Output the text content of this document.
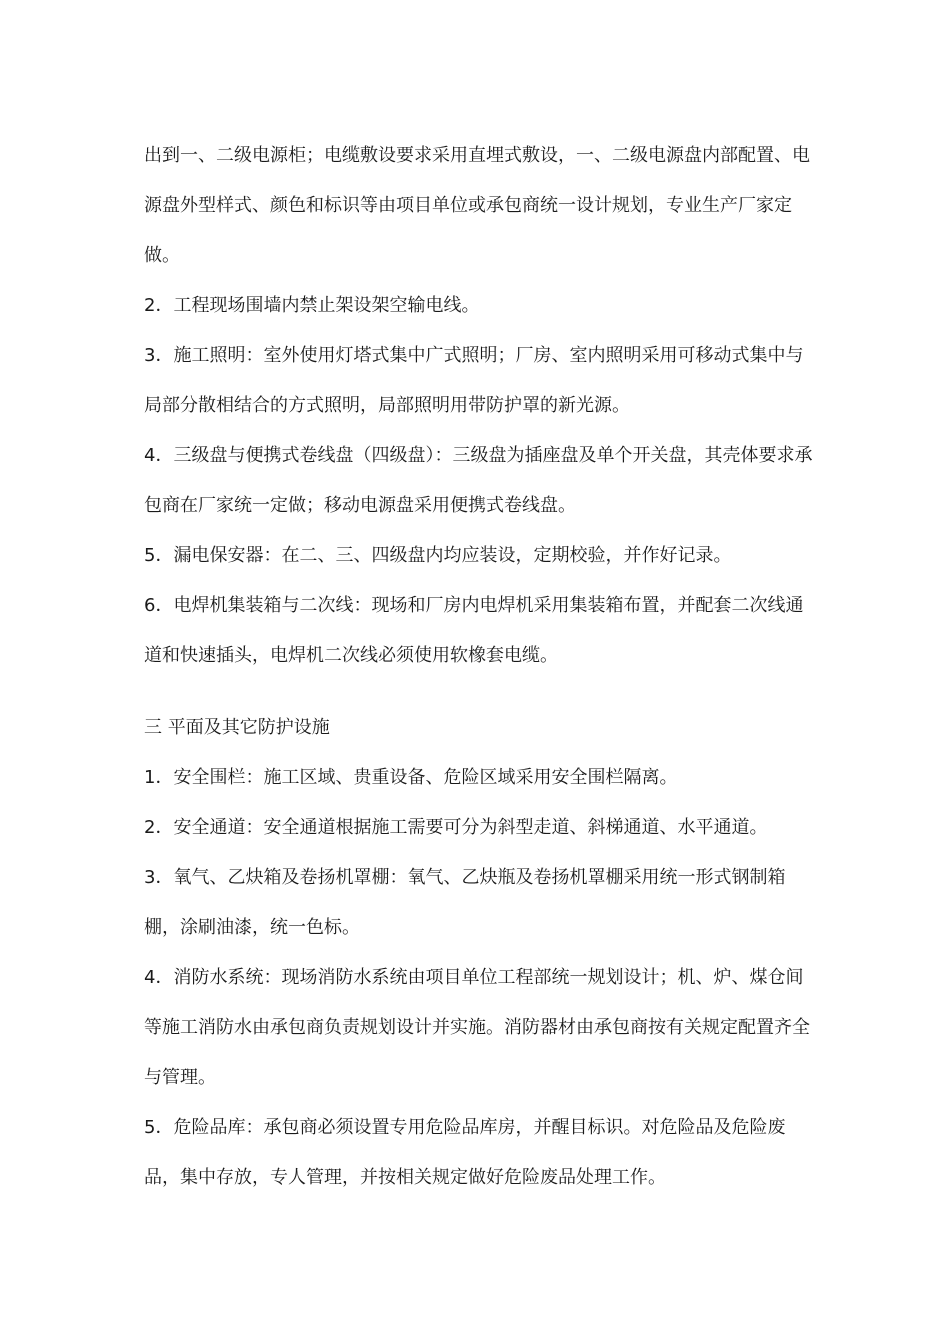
出到一、二级电源柜；电缆敷设要求采用直埋式敷设，一、二级电源盘内部配置、电源盘外型样式、颜色和标识等由项目单位或承包商统一设计规划，专业生产厂家定做。

2．工程现场围墙内禁止架设架空输电线。

3．施工照明：室外使用灯塔式集中广式照明；厂房、室内照明采用可移动式集中与局部分散相结合的方式照明，局部照明用带防护罩的新光源。

4．三级盘与便携式卷线盘（四级盘）：三级盘为插座盘及单个开关盘，其壳体要求承包商在厂家统一定做；移动电源盘采用便携式卷线盘。

5．漏电保安器：在二、三、四级盘内均应装设，定期校验，并作好记录。

6．电焊机集装箱与二次线：现场和厂房内电焊机采用集装箱布置，并配套二次线通道和快速插头，电焊机二次线必须使用软橡套电缆。

三 平面及其它防护设施

1．安全围栏：施工区域、贵重设备、危险区域采用安全围栏隔离。

2．安全通道：安全通道根据施工需要可分为斜型走道、斜梯通道、水平通道。

3．氧气、乙炔箱及卷扬机罩棚：氧气、乙炔瓶及卷扬机罩棚采用统一形式钢制箱棚，涂刷油漆，统一色标。

4．消防水系统：现场消防水系统由项目单位工程部统一规划设计；机、炉、煤仓间等施工消防水由承包商负责规划设计并实施。消防器材由承包商按有关规定配置齐全与管理。

5．危险品库：承包商必须设置专用危险品库房，并醒目标识。对危险品及危险废品，集中存放，专人管理，并按相关规定做好危险废品处理工作。
